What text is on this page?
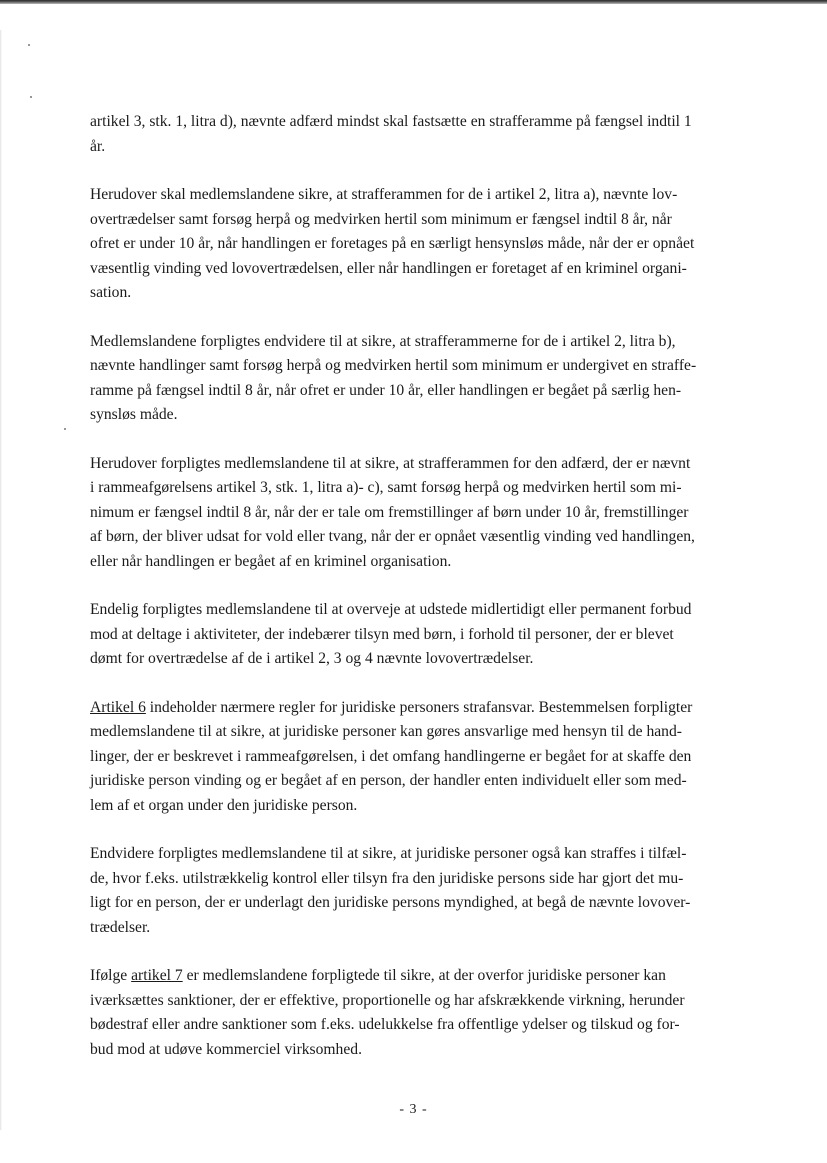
artikel 3, stk. 1, litra d), nævnte adfærd mindst skal fastsætte en strafferamme på fængsel indtil 1
år.

Herudover skal medlemslandene sikre, at strafferammen for de i artikel 2, litra a), nævnte lov-
overtrædelser samt forsøg herpå og medvirken hertil som minimum er fængsel indtil 8 år, når
ofret er under 10 år, når handlingen er foretages på en særligt hensynsløs måde, når der er opnået
væsentlig vinding ved lovovertrædelsen, eller når handlingen er foretaget af en kriminel organi-
sation.

Medlemslandene forpligtes endvidere til at sikre, at strafferammerne for de i artikel 2, litra b),
nævnte handlinger samt forsøg herpå og medvirken hertil som minimum er undergivet en straffe-
ramme på fængsel indtil 8 år, når ofret er under 10 år, eller handlingen er begået på særlig hen-
synsløs måde.

Herudover forpligtes medlemslandene til at sikre, at strafferammen for den adfærd, der er nævnt
i rammeafgørelsens artikel 3, stk. 1, litra a)- c), samt forsøg herpå og medvirken hertil som mi-
nimum er fængsel indtil 8 år, når der er tale om fremstillinger af børn under 10 år, fremstillinger
af børn, der bliver udsat for vold eller tvang, når der er opnået væsentlig vinding ved handlingen,
eller når handlingen er begået af en kriminel organisation.

Endelig forpligtes medlemslandene til at overveje at udstede midlertidigt eller permanent forbud
mod at deltage i aktiviteter, der indebærer tilsyn med børn, i forhold til personer, der er blevet
dømt for overtrædelse af de i artikel 2, 3 og 4 nævnte lovovertrædelser.

Artikel 6 indeholder nærmere regler for juridiske personers strafansvar. Bestemmelsen forpligter
medlemslandene til at sikre, at juridiske personer kan gøres ansvarlige med hensyn til de hand-
linger, der er beskrevet i rammeafgørelsen, i det omfang handlingerne er begået for at skaffe den
juridiske person vinding og er begået af en person, der handler enten individuelt eller som med-
lem af et organ under den juridiske person.

Endvidere forpligtes medlemslandene til at sikre, at juridiske personer også kan straffes i tilfæl-
de, hvor f.eks. utilstrækkelig kontrol eller tilsyn fra den juridiske persons side har gjort det mu-
ligt for en person, der er underlagt den juridiske persons myndighed, at begå de nævnte lovover-
trædelser.

Ifølge artikel 7 er medlemslandene forpligtede til sikre, at der overfor juridiske personer kan
iværksættes sanktioner, der er effektive, proportionelle og har afskrækkende virkning, herunder
bødestraf eller andre sanktioner som f.eks. udelukkelse fra offentlige ydelser og tilskud og for-
bud mod at udøve kommerciel virksomhed.

- 3 -
